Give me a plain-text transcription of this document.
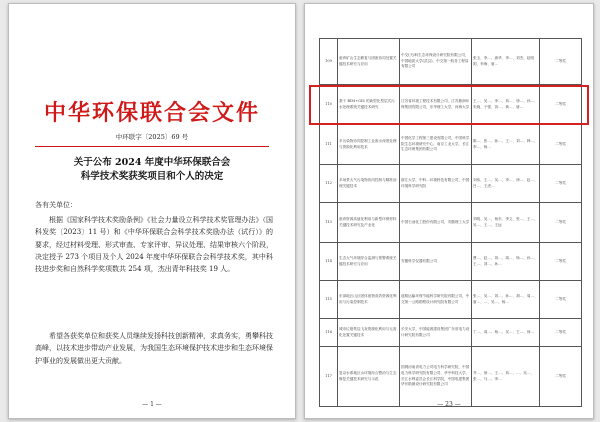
中华环保联合会文件
中环联字〔2025〕69 号
关于公布 2024 年度中华环保联合会
科学技术奖获奖项目和个人的决定
各有关单位：
根据《国家科学技术奖励条例》《社会力量设立科学技术奖管理办法》（国科发奖〔2023〕11 号）和《中华环保联合会科学技术奖励办法（试行）》的要求，经过材料受理、形式审查、专家评审、异议处理、结果审核六个阶段，决定授予 273 个项目及个人 2024 年度中华环保联合会科学技术奖，其中科技进步奖和自然科学奖项数共 254 项，杰出青年科技奖 19 人。
希望各获奖单位和获奖人员继续发扬科技创新精神，求真务实，勇攀科技高峰，以技术进步带动产业发展，为我国生态环境保护技术进步和生态环境保护事业的发展做出更大贡献。
— 1 —
109	废弃矿山生态修复与固废协同处置关键技术研究与应用	中交(天津)生态环保设计研究院有限公司，中国地质大学(武汉)，中交第一航务工程局有限公司	张玉、李…、唐华、李…、刘杰、赵明明、李海、唐…	二等奖
110	基于 BIM+GIS 的新型化型层式污水处理系统关键技术研究	江苏省环境工程技术有限公司，江苏鼎润环保集团有限公司，东华理工大学，河海大学	王…、吴…、李…、刘…、徐…、孙…、朱晓、于强、刘…、黄…、唐…	二等奖
111	多污染物协同控制工业废水深度处理与资源化利用技术	中国化学工程第三建设有限公司，中国科学院生态环境研究中心，南京工业大学，长江生态环保集团有限公司	陈…、张…、孙…、王…、刘…、韩…、李…、杨…	二等奖
112	多场景大气污染物协同控制与精准治理关键技术	浙江大学，中科…环境科技有限公司，中国环境科学研究院	刘伟、王…、吴…、李…、徐…、赵…、吕…、王虎…	二等奖
113	废弃资源高值化利用与新型环保材料关键技术研究及产业化	中国石油化工股份有限公司，安徽理工大学	刘明、吴…、杨东、李文、张…、王…、吴…、王…、王远	二等奖
114	生态大气环境综合监测与预警系统关键技术研究与应用	安徽科学仪器有限公司	曹…、赵…、刘…、周…、杨…、孙…、王…、刘…、孙…	二等奖
115	东部地区山区固体废物高效资源化利用与污染控制技术	道路运输环保节能科学研究院有限公司，中交第一公路勘察设计研究院有限公司	张…、吴…、刘…、孙…、胡…、周…、唐…、…、吴…、杨…	二等奖
116	城市垃圾焚烧飞灰资源化利用与无害化处置关键技术	长安大学，中国能源建设集团广东省电力设计研究院有限公司	丁…、周…、杨…、吴…、王…、徐…	二等奖
117	复杂水系地区水环境综合整治与生态修复关键技术研究与示范	国网河南省电力公司电力科学研究院，中国电力科学研究院有限公司，华中科技大学，长江水利委员会长江科学院，中国电建集团华东勘测设计研究院有限公司	齐…、徐…、王…、刘…、…、吴…、张…、马…、李…	二等奖
— 23 —
